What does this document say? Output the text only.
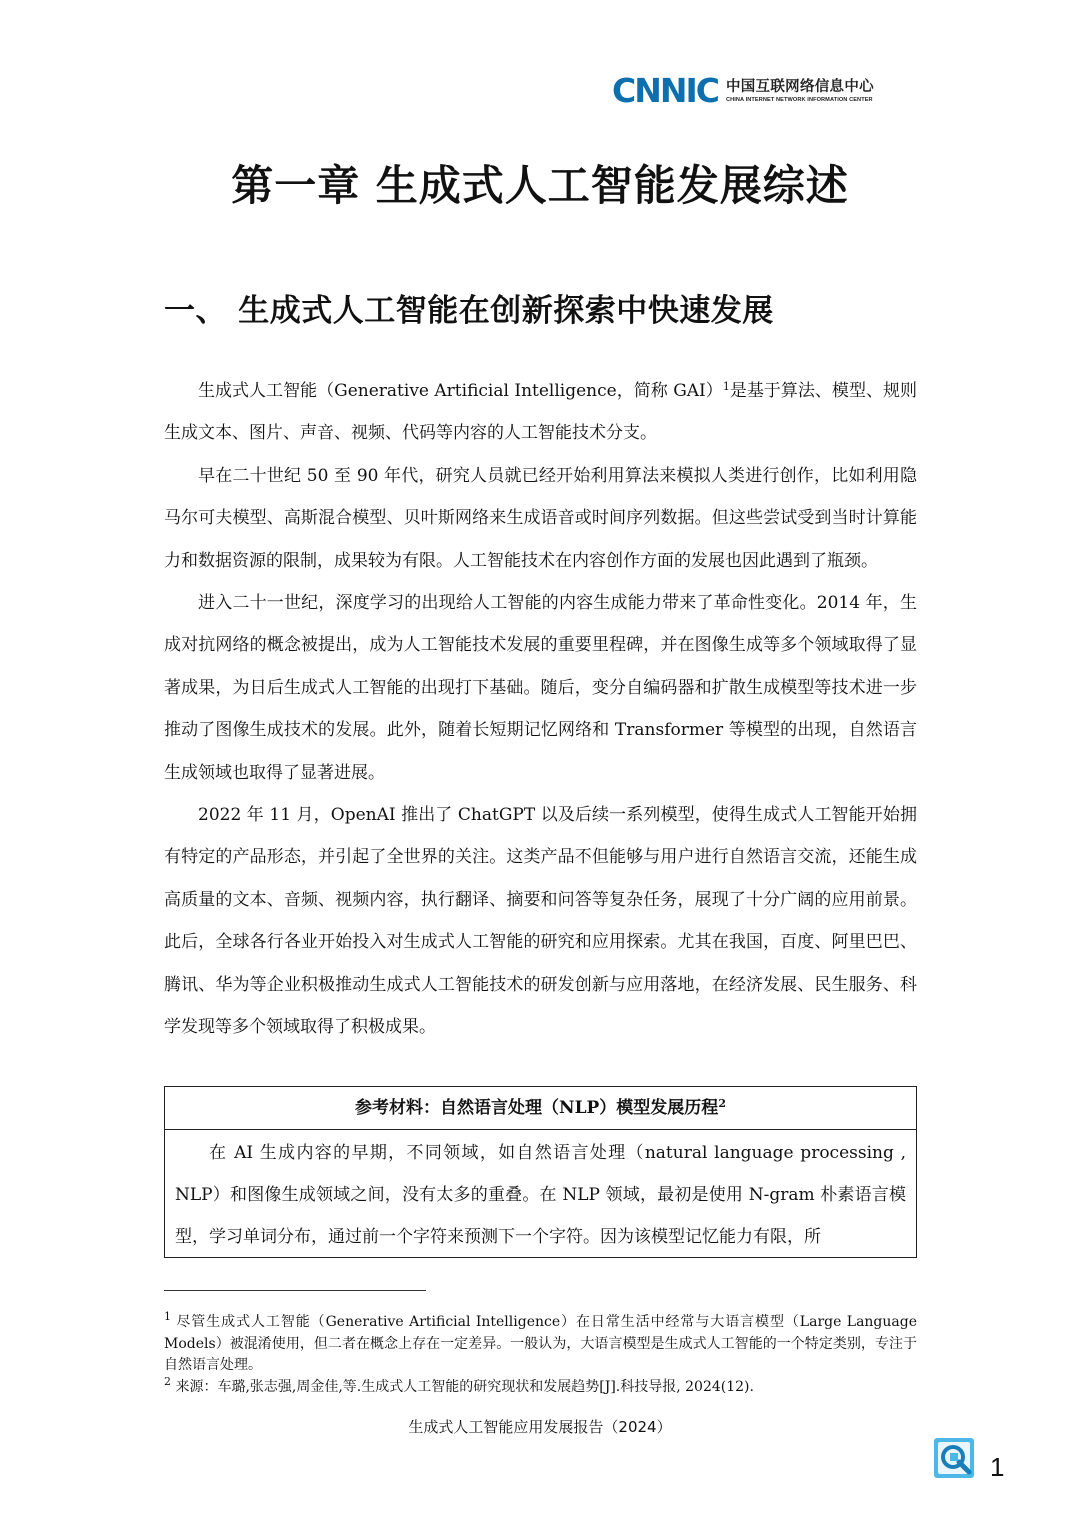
CNNIC 中国互联网络信息中心
CHINA INTERNET NETWORK INFORMATION CENTER
第一章 生成式人工智能发展综述
一、 生成式人工智能在创新探索中快速发展

生成式人工智能（Generative Artificial Intelligence，简称 GAI）$^1$是基于算法、模型、规则生成文本、图片、声音、视频、代码等内容的人工智能技术分支。

早在二十世纪 50 至 90 年代，研究人员就已经开始利用算法来模拟人类进行创作，比如利用隐马尔可夫模型、高斯混合模型、贝叶斯网络来生成语音或时间序列数据。但这些尝试受到当时计算能力和数据资源的限制，成果较为有限。人工智能技术在内容创作方面的发展也因此遇到了瓶颈。

进入二十一世纪，深度学习的出现给人工智能的内容生成能力带来了革命性变化。2014 年，生成对抗网络的概念被提出，成为人工智能技术发展的重要里程碑，并在图像生成等多个领域取得了显著成果，为日后生成式人工智能的出现打下基础。随后，变分自编码器和扩散生成模型等技术进一步推动了图像生成技术的发展。此外，随着长短期记忆网络和 Transformer 等模型的出现，自然语言生成领域也取得了显著进展。

2022 年 11 月，OpenAI 推出了 ChatGPT 以及后续一系列模型，使得生成式人工智能开始拥有特定的产品形态，并引起了全世界的关注。这类产品不但能够与用户进行自然语言交流，还能生成高质量的文本、音频、视频内容，执行翻译、摘要和问答等复杂任务，展现了十分广阔的应用前景。此后，全球各行各业开始投入对生成式人工智能的研究和应用探索。尤其在我国，百度、阿里巴巴、腾讯、华为等企业积极推动生成式人工智能技术的研发创新与应用落地，在经济发展、民生服务、科学发现等多个领域取得了积极成果。

参考材料：自然语言处理（NLP）模型发展历程$^2$
在 AI 生成内容的早期，不同领域，如自然语言处理（natural language processing , NLP）和图像生成领域之间，没有太多的重叠。在 NLP 领域，最初是使用 N-gram 朴素语言模型，学习单词分布，通过前一个字符来预测下一个字符。因为该模型记忆能力有限，所
$^1$ 尽管生成式人工智能（Generative Artificial Intelligence）在日常生活中经常与大语言模型（Large Language Models）被混淆使用，但二者在概念上存在一定差异。一般认为，大语言模型是生成式人工智能的一个特定类别，专注于自然语言处理。
$^2$ 来源：车璐,张志强,周金佳,等.生成式人工智能的研究现状和发展趋势[J].科技导报, 2024(12).
生成式人工智能应用发展报告（2024）
1
